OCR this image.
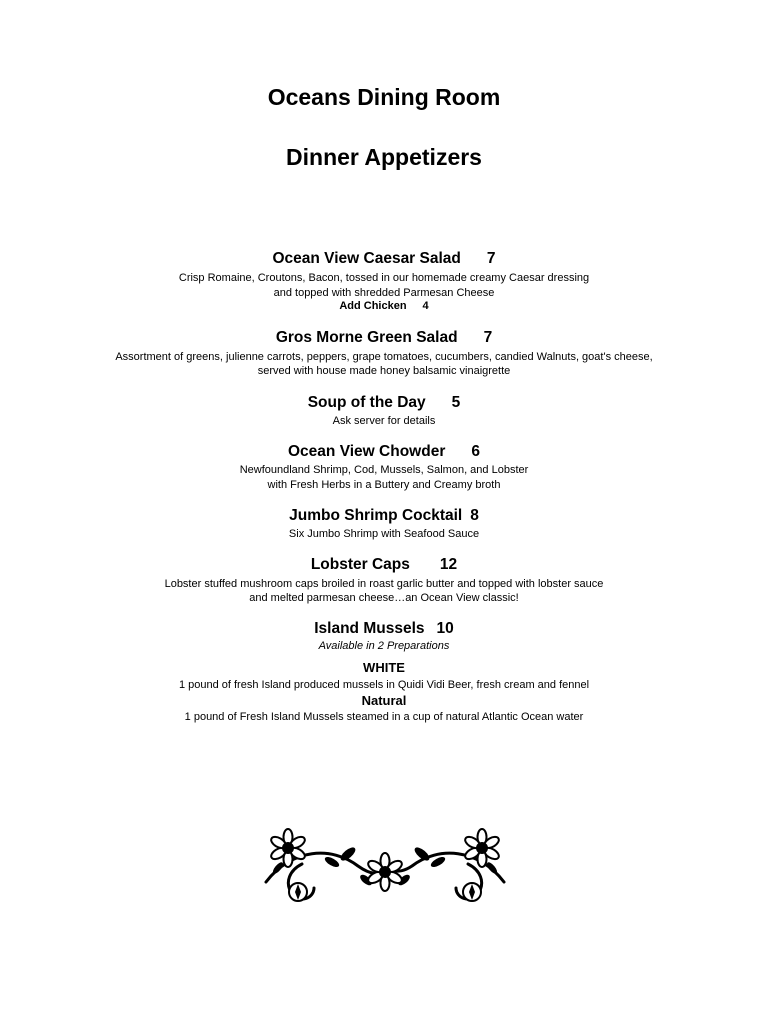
Oceans Dining Room
Dinner Appetizers
Ocean View Caesar Salad 7
Crisp Romaine, Croutons, Bacon, tossed in our homemade creamy Caesar dressing
and topped with shredded Parmesan Cheese
Add Chicken 4
Gros Morne Green Salad 7
Assortment of greens, julienne carrots, peppers, grape tomatoes, cucumbers, candied Walnuts, goat's cheese,
served with house made honey balsamic vinaigrette
Soup of the Day 5
Ask server for details
Ocean View Chowder 6
Newfoundland Shrimp, Cod, Mussels, Salmon, and Lobster
with Fresh Herbs in a Buttery and Creamy broth
Jumbo Shrimp Cocktail 8
Six Jumbo Shrimp with Seafood Sauce
Lobster Caps 12
Lobster stuffed mushroom caps broiled in roast garlic butter and topped with lobster sauce
and melted parmesan cheese…an Ocean View classic!
Island Mussels 10
Available in 2 Preparations
WHITE
1 pound of fresh Island produced mussels in Quidi Vidi Beer, fresh cream and fennel
Natural
1 pound of Fresh Island Mussels steamed in a cup of natural Atlantic Ocean water
